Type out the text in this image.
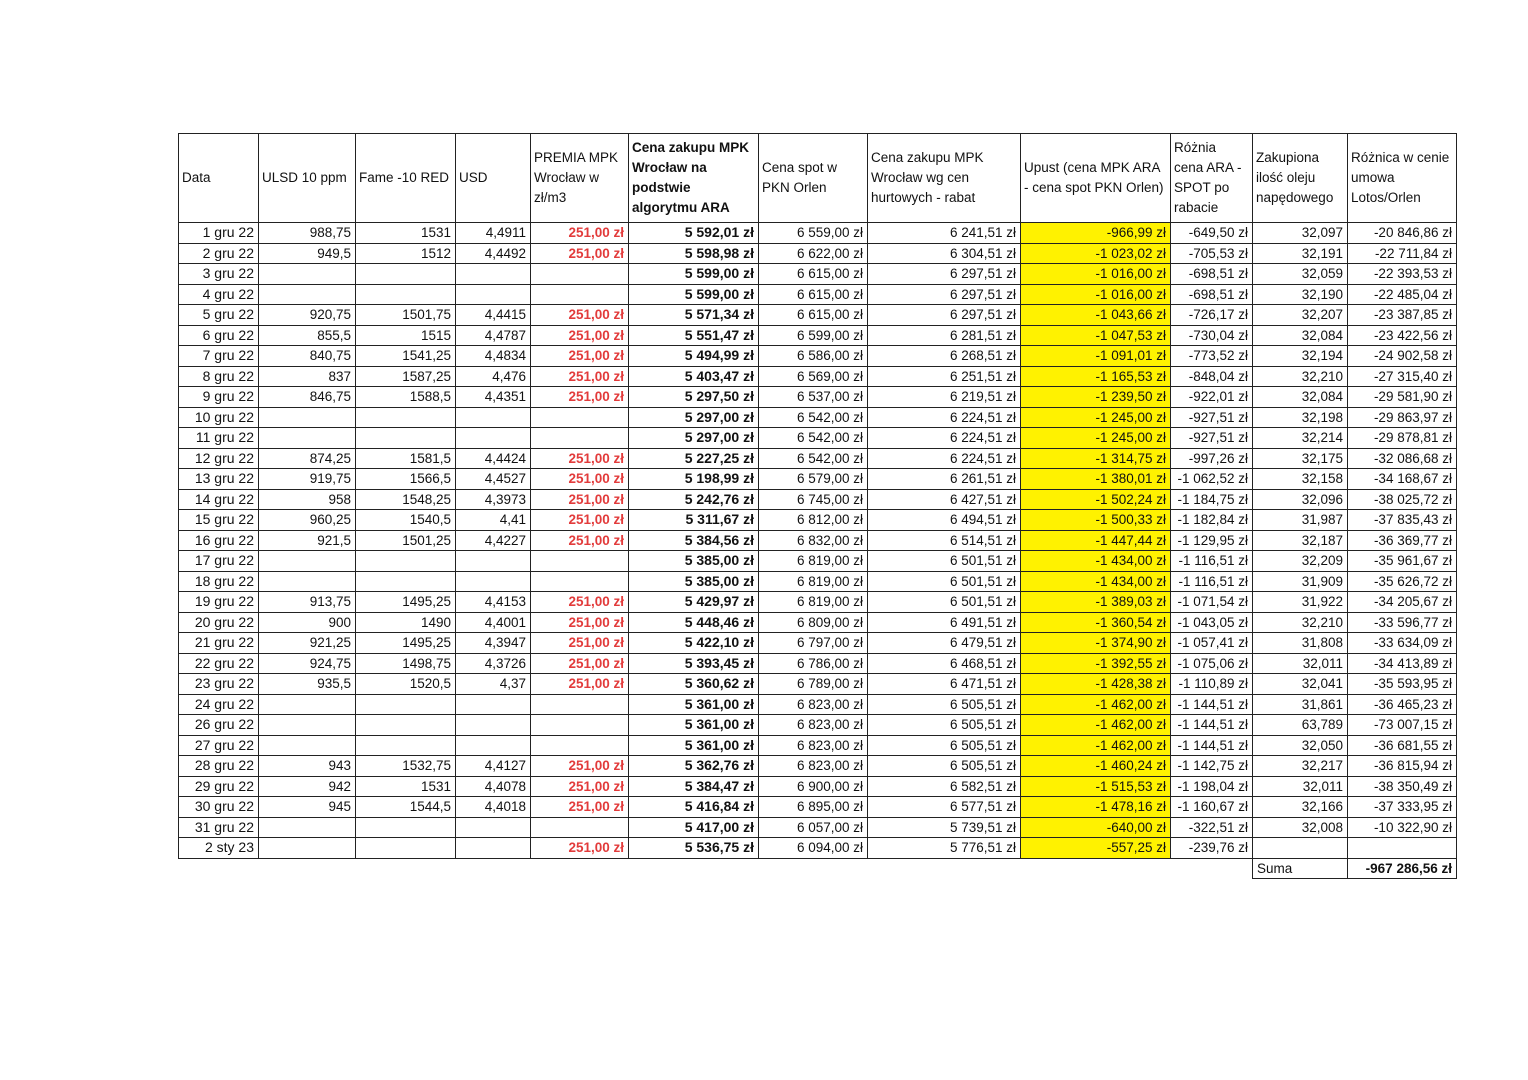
Data	ULSD 10 ppm	Fame -10 RED	USD	PREMIA MPK Wrocław w zł/m3	Cena zakupu MPK Wrocław na podstwie algorytmu ARA	Cena spot w PKN Orlen	Cena zakupu MPK Wrocław wg cen hurtowych - rabat	Upust (cena MPK ARA - cena spot PKN Orlen)	Różnia cena ARA - SPOT po rabacie	Zakupiona ilość oleju napędowego	Różnica w cenie umowa Lotos/Orlen
1 gru 22	988,75	1531	4,4911	251,00 zł	5 592,01 zł	6 559,00 zł	6 241,51 zł	-966,99 zł	-649,50 zł	32,097	-20 846,86 zł
2 gru 22	949,5	1512	4,4492	251,00 zł	5 598,98 zł	6 622,00 zł	6 304,51 zł	-1 023,02 zł	-705,53 zł	32,191	-22 711,84 zł
3 gru 22					5 599,00 zł	6 615,00 zł	6 297,51 zł	-1 016,00 zł	-698,51 zł	32,059	-22 393,53 zł
4 gru 22					5 599,00 zł	6 615,00 zł	6 297,51 zł	-1 016,00 zł	-698,51 zł	32,190	-22 485,04 zł
5 gru 22	920,75	1501,75	4,4415	251,00 zł	5 571,34 zł	6 615,00 zł	6 297,51 zł	-1 043,66 zł	-726,17 zł	32,207	-23 387,85 zł
6 gru 22	855,5	1515	4,4787	251,00 zł	5 551,47 zł	6 599,00 zł	6 281,51 zł	-1 047,53 zł	-730,04 zł	32,084	-23 422,56 zł
7 gru 22	840,75	1541,25	4,4834	251,00 zł	5 494,99 zł	6 586,00 zł	6 268,51 zł	-1 091,01 zł	-773,52 zł	32,194	-24 902,58 zł
8 gru 22	837	1587,25	4,476	251,00 zł	5 403,47 zł	6 569,00 zł	6 251,51 zł	-1 165,53 zł	-848,04 zł	32,210	-27 315,40 zł
9 gru 22	846,75	1588,5	4,4351	251,00 zł	5 297,50 zł	6 537,00 zł	6 219,51 zł	-1 239,50 zł	-922,01 zł	32,084	-29 581,90 zł
10 gru 22					5 297,00 zł	6 542,00 zł	6 224,51 zł	-1 245,00 zł	-927,51 zł	32,198	-29 863,97 zł
11 gru 22					5 297,00 zł	6 542,00 zł	6 224,51 zł	-1 245,00 zł	-927,51 zł	32,214	-29 878,81 zł
12 gru 22	874,25	1581,5	4,4424	251,00 zł	5 227,25 zł	6 542,00 zł	6 224,51 zł	-1 314,75 zł	-997,26 zł	32,175	-32 086,68 zł
13 gru 22	919,75	1566,5	4,4527	251,00 zł	5 198,99 zł	6 579,00 zł	6 261,51 zł	-1 380,01 zł	-1 062,52 zł	32,158	-34 168,67 zł
14 gru 22	958	1548,25	4,3973	251,00 zł	5 242,76 zł	6 745,00 zł	6 427,51 zł	-1 502,24 zł	-1 184,75 zł	32,096	-38 025,72 zł
15 gru 22	960,25	1540,5	4,41	251,00 zł	5 311,67 zł	6 812,00 zł	6 494,51 zł	-1 500,33 zł	-1 182,84 zł	31,987	-37 835,43 zł
16 gru 22	921,5	1501,25	4,4227	251,00 zł	5 384,56 zł	6 832,00 zł	6 514,51 zł	-1 447,44 zł	-1 129,95 zł	32,187	-36 369,77 zł
17 gru 22					5 385,00 zł	6 819,00 zł	6 501,51 zł	-1 434,00 zł	-1 116,51 zł	32,209	-35 961,67 zł
18 gru 22					5 385,00 zł	6 819,00 zł	6 501,51 zł	-1 434,00 zł	-1 116,51 zł	31,909	-35 626,72 zł
19 gru 22	913,75	1495,25	4,4153	251,00 zł	5 429,97 zł	6 819,00 zł	6 501,51 zł	-1 389,03 zł	-1 071,54 zł	31,922	-34 205,67 zł
20 gru 22	900	1490	4,4001	251,00 zł	5 448,46 zł	6 809,00 zł	6 491,51 zł	-1 360,54 zł	-1 043,05 zł	32,210	-33 596,77 zł
21 gru 22	921,25	1495,25	4,3947	251,00 zł	5 422,10 zł	6 797,00 zł	6 479,51 zł	-1 374,90 zł	-1 057,41 zł	31,808	-33 634,09 zł
22 gru 22	924,75	1498,75	4,3726	251,00 zł	5 393,45 zł	6 786,00 zł	6 468,51 zł	-1 392,55 zł	-1 075,06 zł	32,011	-34 413,89 zł
23 gru 22	935,5	1520,5	4,37	251,00 zł	5 360,62 zł	6 789,00 zł	6 471,51 zł	-1 428,38 zł	-1 110,89 zł	32,041	-35 593,95 zł
24 gru 22					5 361,00 zł	6 823,00 zł	6 505,51 zł	-1 462,00 zł	-1 144,51 zł	31,861	-36 465,23 zł
26 gru 22					5 361,00 zł	6 823,00 zł	6 505,51 zł	-1 462,00 zł	-1 144,51 zł	63,789	-73 007,15 zł
27 gru 22					5 361,00 zł	6 823,00 zł	6 505,51 zł	-1 462,00 zł	-1 144,51 zł	32,050	-36 681,55 zł
28 gru 22	943	1532,75	4,4127	251,00 zł	5 362,76 zł	6 823,00 zł	6 505,51 zł	-1 460,24 zł	-1 142,75 zł	32,217	-36 815,94 zł
29 gru 22	942	1531	4,4078	251,00 zł	5 384,47 zł	6 900,00 zł	6 582,51 zł	-1 515,53 zł	-1 198,04 zł	32,011	-38 350,49 zł
30 gru 22	945	1544,5	4,4018	251,00 zł	5 416,84 zł	6 895,00 zł	6 577,51 zł	-1 478,16 zł	-1 160,67 zł	32,166	-37 333,95 zł
31 gru 22					5 417,00 zł	6 057,00 zł	5 739,51 zł	-640,00 zł	-322,51 zł	32,008	-10 322,90 zł
2 sty 23				251,00 zł	5 536,75 zł	6 094,00 zł	5 776,51 zł	-557,25 zł	-239,76 zł		
										Suma	-967 286,56 zł
